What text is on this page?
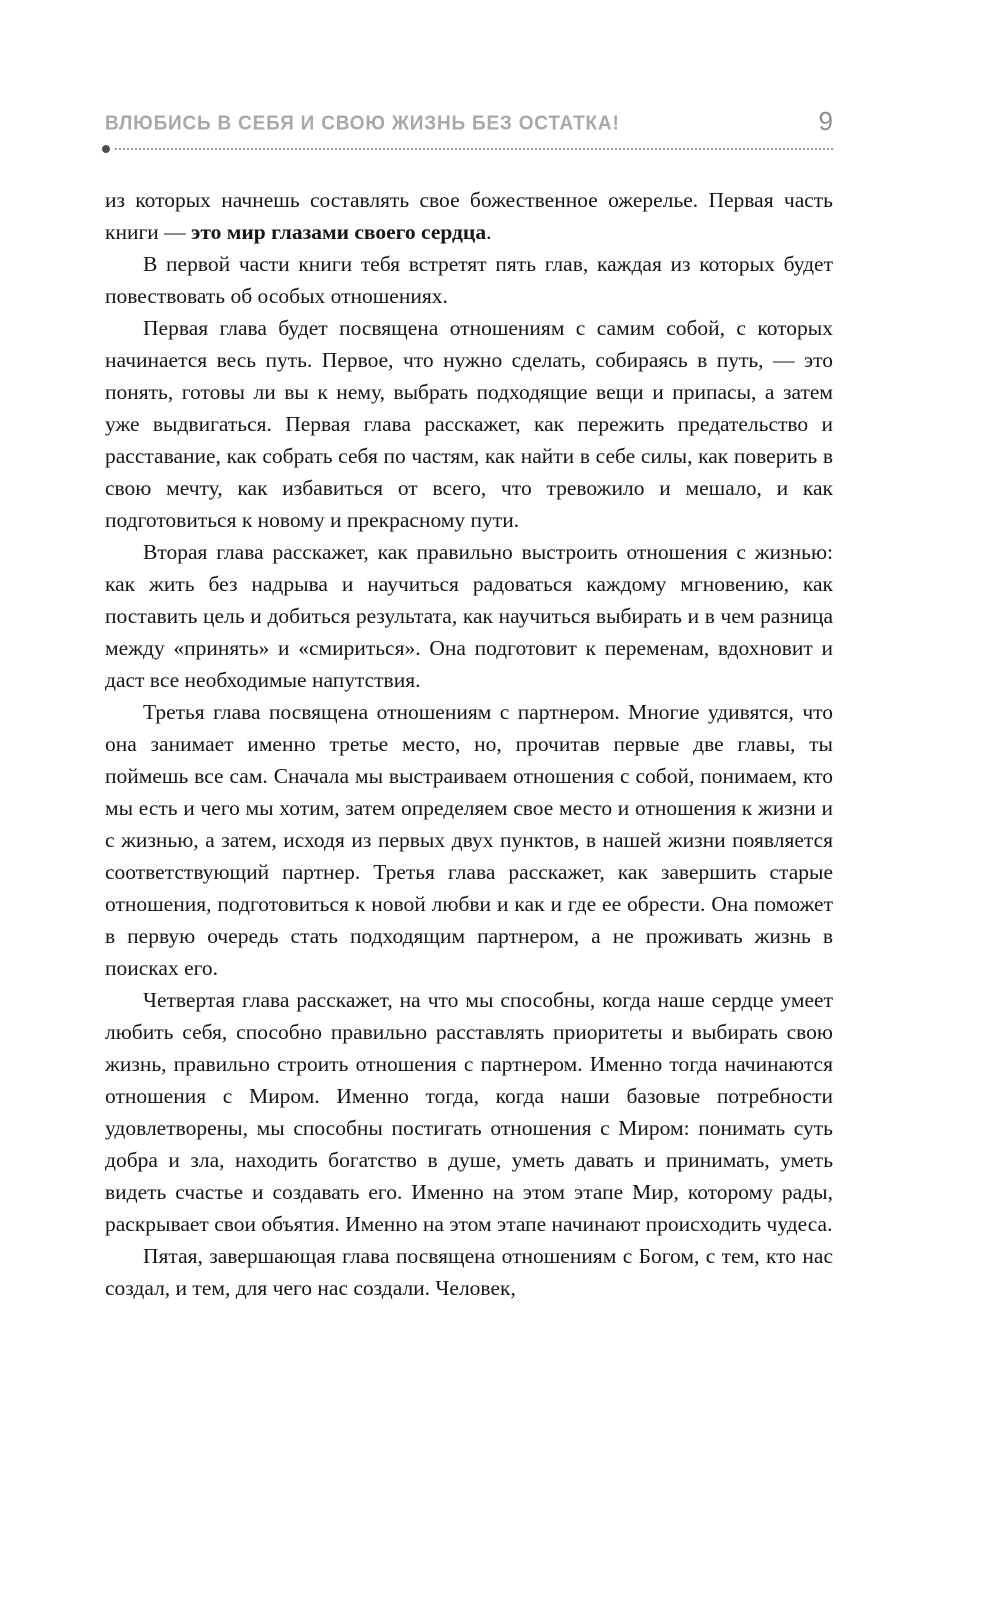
ВЛЮБИСЬ В СЕБЯ И СВОЮ ЖИЗНЬ БЕЗ ОСТАТКА!	9

из которых начнешь составлять свое божественное ожерелье. Первая часть книги — это мир глазами своего сердца.

В первой части книги тебя встретят пять глав, каждая из которых будет повествовать об особых отношениях.

Первая глава будет посвящена отношениям с самим собой, с которых начинается весь путь. Первое, что нужно сделать, собираясь в путь, — это понять, готовы ли вы к нему, выбрать подходящие вещи и припасы, а затем уже выдвигаться. Первая глава расскажет, как пережить предательство и расставание, как собрать себя по частям, как найти в себе силы, как поверить в свою мечту, как избавиться от всего, что тревожило и мешало, и как подготовиться к новому и прекрасному пути.

Вторая глава расскажет, как правильно выстроить отношения с жизнью: как жить без надрыва и научиться радоваться каждому мгновению, как поставить цель и добиться результата, как научиться выбирать и в чем разница между «принять» и «смириться». Она подготовит к переменам, вдохновит и даст все необходимые напутствия.

Третья глава посвящена отношениям с партнером. Многие удивятся, что она занимает именно третье место, но, прочитав первые две главы, ты поймешь все сам. Сначала мы выстраиваем отношения с собой, понимаем, кто мы есть и чего мы хотим, затем определяем свое место и отношения к жизни и с жизнью, а затем, исходя из первых двух пунктов, в нашей жизни появляется соответствующий партнер. Третья глава расскажет, как завершить старые отношения, подготовиться к новой любви и как и где ее обрести. Она поможет в первую очередь стать подходящим партнером, а не проживать жизнь в поисках его.

Четвертая глава расскажет, на что мы способны, когда наше сердце умеет любить себя, способно правильно расставлять приоритеты и выбирать свою жизнь, правильно строить отношения с партнером. Именно тогда начинаются отношения с Миром. Именно тогда, когда наши базовые потребности удовлетворены, мы способны постигать отношения с Миром: понимать суть добра и зла, находить богатство в душе, уметь давать и принимать, уметь видеть счастье и создавать его. Именно на этом этапе Мир, которому рады, раскрывает свои объятия. Именно на этом этапе начинают происходить чудеса.

Пятая, завершающая глава посвящена отношениям с Богом, с тем, кто нас создал, и тем, для чего нас создали. Человек,
